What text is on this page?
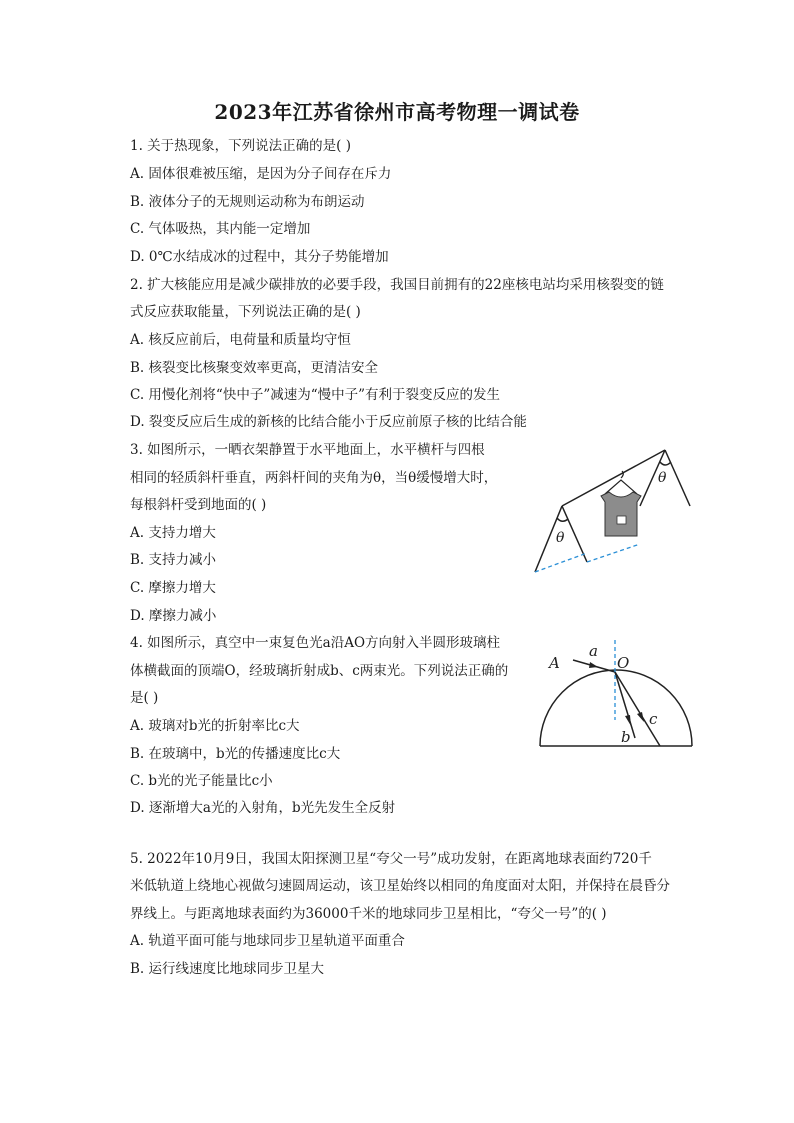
2023年江苏省徐州市高考物理一调试卷
1. 关于热现象，下列说法正确的是( )
A. 固体很难被压缩，是因为分子间存在斥力
B. 液体分子的无规则运动称为布朗运动
C. 气体吸热，其内能一定增加
D. 0℃水结成冰的过程中，其分子势能增加
2. 扩大核能应用是减少碳排放的必要手段，我国目前拥有的22座核电站均采用核裂变的链
式反应获取能量，下列说法正确的是( )
A. 核反应前后，电荷量和质量均守恒
B. 核裂变比核聚变效率更高，更清洁安全
C. 用慢化剂将“快中子”减速为“慢中子”有利于裂变反应的发生
D. 裂变反应后生成的新核的比结合能小于反应前原子核的比结合能
3. 如图所示，一晒衣架静置于水平地面上，水平横杆与四根
相同的轻质斜杆垂直，两斜杆间的夹角为θ，当θ缓慢增大时，
每根斜杆受到地面的( )
A. 支持力增大
B. 支持力减小
C. 摩擦力增大
D. 摩擦力减小
θ
θ
4. 如图所示，真空中一束复色光a沿AO方向射入半圆形玻璃柱
体横截面的顶端O，经玻璃折射成b、c两束光。下列说法正确的
是( )
A. 玻璃对b光的折射率比c大
B. 在玻璃中，b光的传播速度比c大
C. b光的光子能量比c小
D. 逐渐增大a光的入射角，b光先发生全反射
A
a
O
c
b
5. 2022年10月9日，我国太阳探测卫星“夸父一号”成功发射，在距离地球表面约720千
米低轨道上绕地心视做匀速圆周运动，该卫星始终以相同的角度面对太阳，并保持在晨昏分
界线上。与距离地球表面约为36000千米的地球同步卫星相比，“夸父一号”的( )
A. 轨道平面可能与地球同步卫星轨道平面重合
B. 运行线速度比地球同步卫星大
